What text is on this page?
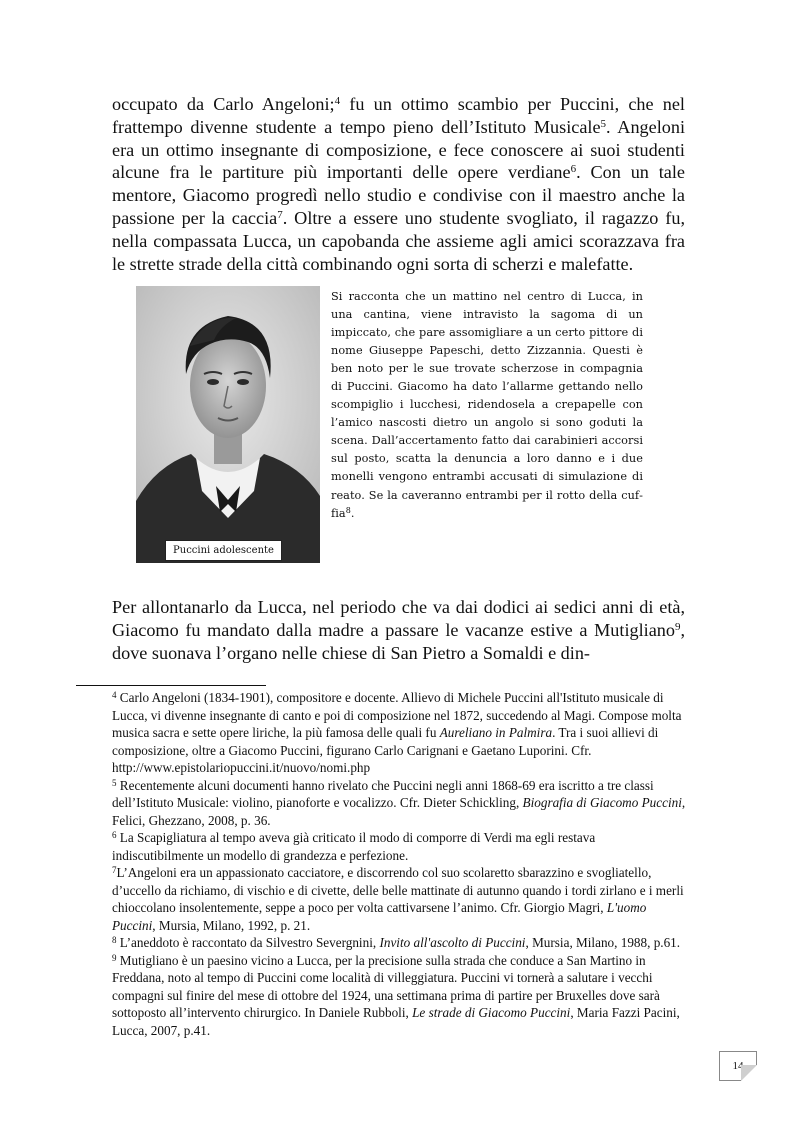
occupato da Carlo Angeloni;$^4$ fu un ottimo scambio per Puccini, che nel frattempo divenne studente a tempo pieno dell’Istituto Musicale$^5$. Angeloni era un ottimo insegnante di composizione, e fece conoscere ai suoi studenti alcune fra le partiture più importanti delle opere verdiane$^6$. Con un tale mentore, Giacomo progredì nello studio e condivise con il maestro anche la passione per la caccia$^7$. Oltre a essere uno studente svogliato, il ragazzo fu, nella compassata Lucca, un capobanda che assieme agli amici scorazzava fra le strette strade della città combinando ogni sorta di scherzi e malefatte.

Puccini adolescente

Si racconta che un mattino nel centro di Lucca, in una cantina, viene intravisto la sagoma di un impiccato, che pare assomigliare a un certo pittore di nome Giuseppe Papeschi, detto Zizzannia. Questi è ben noto per le sue trovate scherzose in compagnia di Puccini. Giacomo ha dato l’allarme gettando nello scompiglio i lucchesi, ridendosela a crepapelle con l’amico nascosti dietro un angolo si sono goduti la scena. Dall’accertamento fatto dai carabinieri accorsi sul posto, scatta la denuncia a loro danno e i due monelli vengono entrambi accusati di simulazione di reato. Se la caveranno entrambi per il rotto della cuffia$^8$.

Per allontanarlo da Lucca, nel periodo che va dai dodici ai sedici anni di età, Giacomo fu mandato dalla madre a passare le vacanze estive a Mutigliano$^9$, dove suonava l’organo nelle chiese di San Pietro a Somaldi e din-

$^4$ Carlo Angeloni (1834-1901), compositore e docente. Allievo di Michele Puccini all'Istituto musicale di Lucca, vi divenne insegnante di canto e poi di composizione nel 1872, succedendo al Magi. Compose molta musica sacra e sette opere liriche, la più famosa delle quali fu Aureliano in Palmira. Tra i suoi allievi di composizione, oltre a Giacomo Puccini, figurano Carlo Carignani e Gaetano Luporini. Cfr. http://www.epistolariopuccini.it/nuovo/nomi.php

$^5$ Recentemente alcuni documenti hanno rivelato che Puccini negli anni 1868-69 era iscritto a tre classi dell’Istituto Musicale: violino, pianoforte e vocalizzo. Cfr. Dieter Schickling, Biografia di Giacomo Puccini, Felici, Ghezzano, 2008, p. 36.

$^6$ La Scapigliatura al tempo aveva già criticato il modo di comporre di Verdi ma egli restava indiscutibilmente un modello di grandezza e perfezione.

$^7$L’Angeloni era un appassionato cacciatore, e discorrendo col suo scolaretto sbarazzino e svogliatello, d’uccello da richiamo, di vischio e di civette, delle belle mattinate di autunno quando i tordi zirlano e i merli chioccolano insolentemente, seppe a poco per volta cattivarsene l’animo. Cfr. Giorgio Magri, L'uomo Puccini, Mursia, Milano, 1992, p. 21.

$^8$ L’aneddoto è raccontato da Silvestro Severgnini, Invito all'ascolto di Puccini, Mursia, Milano, 1988, p.61.

$^9$ Mutigliano è un paesino vicino a Lucca, per la precisione sulla strada che conduce a San Martino in Freddana, noto al tempo di Puccini come località di villeggiatura. Puccini vi tornerà a salutare i vecchi compagni sul finire del mese di ottobre del 1924, una settimana prima di partire per Bruxelles dove sarà sottoposto all’intervento chirurgico. In Daniele Rubboli, Le strade di Giacomo Puccini, Maria Fazzi Pacini, Lucca, 2007, p.41.

14
